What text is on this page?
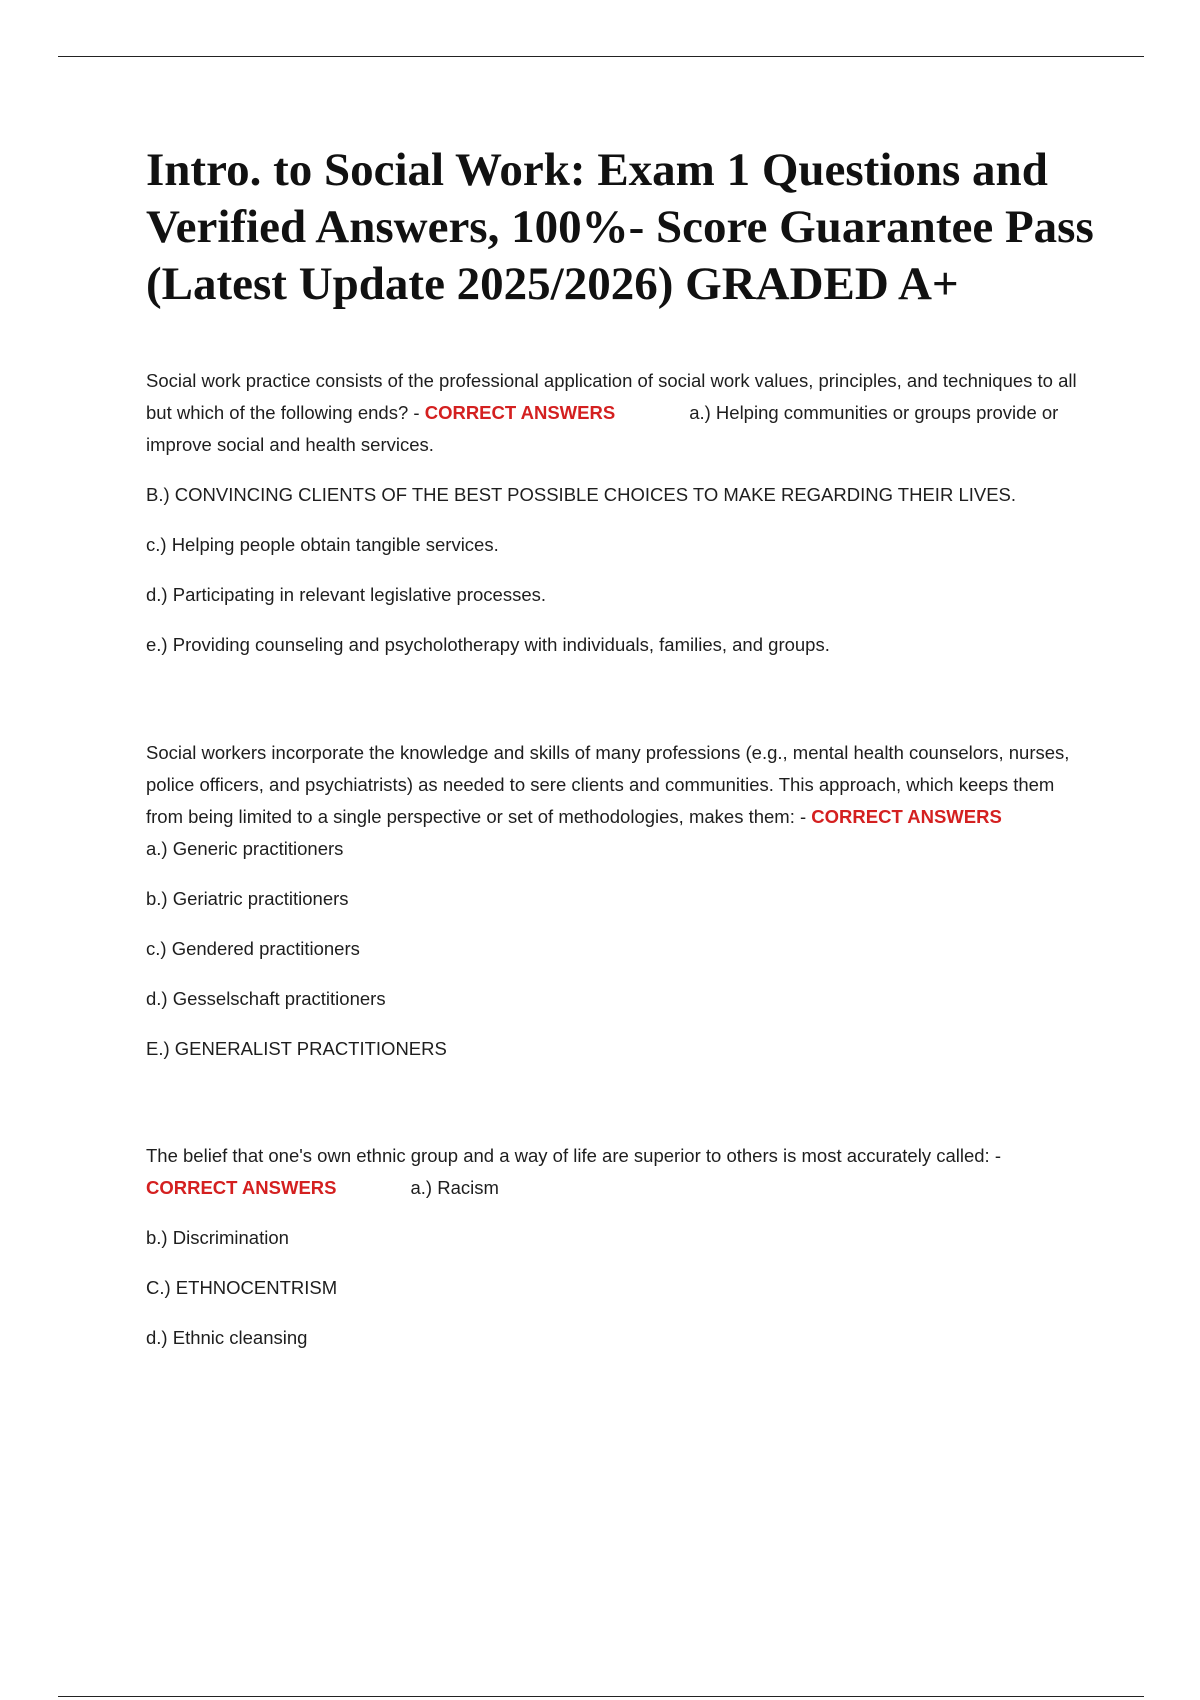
Intro. to Social Work: Exam 1 Questions and Verified Answers, 100%- Score Guarantee Pass (Latest Update 2025/2026) GRADED A+

Social work practice consists of the professional application of social work values, principles, and techniques to all but which of the following ends? - CORRECT ANSWERS	a.) Helping communities or groups provide or improve social and health services.

B.) CONVINCING CLIENTS OF THE BEST POSSIBLE CHOICES TO MAKE REGARDING THEIR LIVES.

c.) Helping people obtain tangible services.

d.) Participating in relevant legislative processes.

e.) Providing counseling and psycholotherapy with individuals, families, and groups.

Social workers incorporate the knowledge and skills of many professions (e.g., mental health counselors, nurses, police officers, and psychiatrists) as needed to sere clients and communities. This approach, which keeps them from being limited to a single perspective or set of methodologies, makes them: - CORRECT ANSWERSa.) Generic practitioners

b.) Geriatric practitioners

c.) Gendered practitioners

d.) Gesselschaft practitioners

E.) GENERALIST PRACTITIONERS

The belief that one's own ethnic group and a way of life are superior to others is most accurately called: - CORRECT ANSWERS	a.) Racism

b.) Discrimination

C.) ETHNOCENTRISM

d.) Ethnic cleansing
